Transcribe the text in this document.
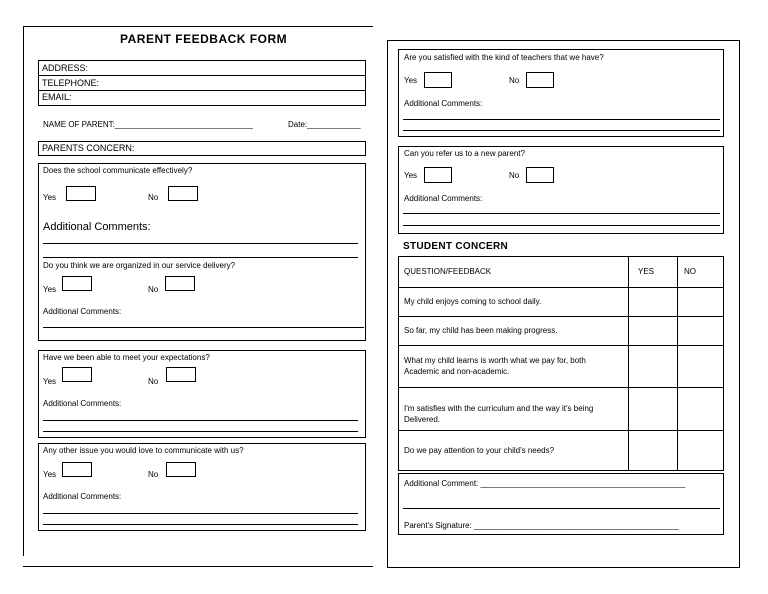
PARENT FEEDBACK FORM
ADDRESS:
TELEPHONE:
EMAIL:
NAME OF PARENT:_______________________________	Date:____________
PARENTS CONCERN:
Does the school communicate effectively?
Yes	No
Additional Comments:
Do you think we are organized in our service delivery?
Yes	No
Additional Comments:
Have we been able to meet your expectations?
Yes	No
Additional Comments:
Any other issue you would love to communicate with us?
Yes	No
Additional Comments:
Are you satisfied with the kind of teachers that we have?
Yes	No
Additional Comments:
Can you refer us to a new parent?
Yes	No
Additional Comments:
STUDENT CONCERN
QUESTION/FEEDBACK	YES	NO
My child enjoys coming to school daily.
So far, my child has been making progress.
What my child learns is worth what we pay for, both Academic and non-academic.
I'm satisfies with the curriculum and the way it's being Delivered.
Do we pay attention to your child's needs?
Additional Comment: ______________________________________________
Parent's Signature: ______________________________________________
